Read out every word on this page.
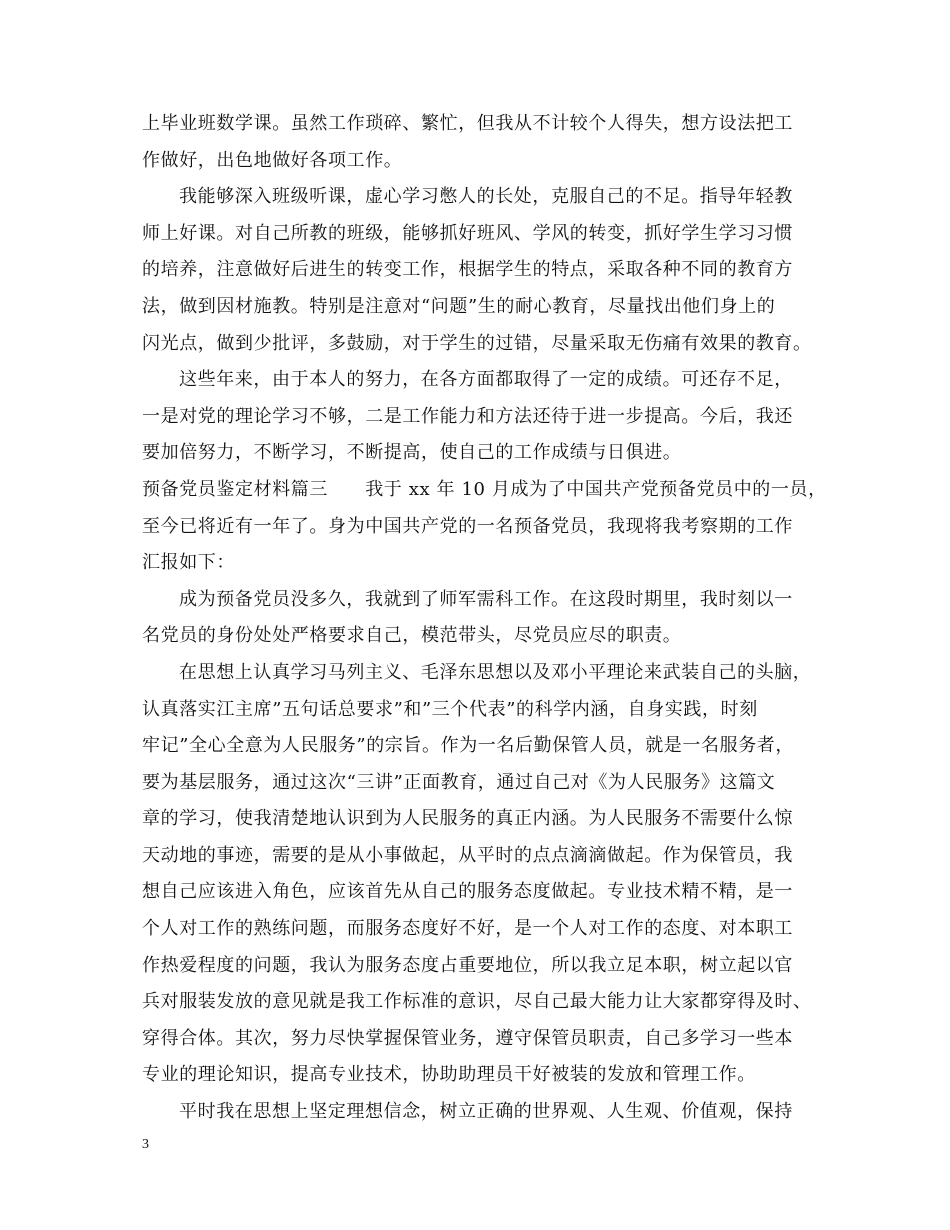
上毕业班数学课。虽然工作琐碎、繁忙，但我从不计较个人得失，想方设法把工
作做好，出色地做好各项工作。
我能够深入班级听课，虚心学习憋人的长处，克服自己的不足。指导年轻教
师上好课。对自己所教的班级，能够抓好班风、学风的转变，抓好学生学习习惯
的培养，注意做好后进生的转变工作，根据学生的特点，采取各种不同的教育方
法，做到因材施教。特别是注意对“问题”生的耐心教育，尽量找出他们身上的
闪光点，做到少批评，多鼓励，对于学生的过错，尽量采取无伤痛有效果的教育。
这些年来，由于本人的努力，在各方面都取得了一定的成绩。可还存不足，
一是对党的理论学习不够，二是工作能力和方法还待于进一步提高。今后，我还
要加倍努力，不断学习，不断提高，使自己的工作成绩与日俱进。
预备党员鉴定材料篇三　　我于 xx 年 10 月成为了中国共产党预备党员中的一员，
至今已将近有一年了。身为中国共产党的一名预备党员，我现将我考察期的工作
汇报如下：
成为预备党员没多久，我就到了师军需科工作。在这段时期里，我时刻以一
名党员的身份处处严格要求自己，模范带头，尽党员应尽的职责。
在思想上认真学习马列主义、毛泽东思想以及邓小平理论来武装自己的头脑，
认真落实江主席”五句话总要求”和”三个代表”的科学内涵，自身实践，时刻
牢记”全心全意为人民服务”的宗旨。作为一名后勤保管人员，就是一名服务者，
要为基层服务，通过这次“三讲”正面教育，通过自己对《为人民服务》这篇文
章的学习，使我清楚地认识到为人民服务的真正内涵。为人民服务不需要什么惊
天动地的事迹，需要的是从小事做起，从平时的点点滴滴做起。作为保管员，我
想自己应该进入角色，应该首先从自己的服务态度做起。专业技术精不精，是一
个人对工作的熟练问题，而服务态度好不好，是一个人对工作的态度、对本职工
作热爱程度的问题，我认为服务态度占重要地位，所以我立足本职，树立起以官
兵对服装发放的意见就是我工作标准的意识，尽自己最大能力让大家都穿得及时、
穿得合体。其次，努力尽快掌握保管业务，遵守保管员职责，自己多学习一些本
专业的理论知识，提高专业技术，协助助理员干好被装的发放和管理工作。
平时我在思想上坚定理想信念，树立正确的世界观、人生观、价值观，保持
3
